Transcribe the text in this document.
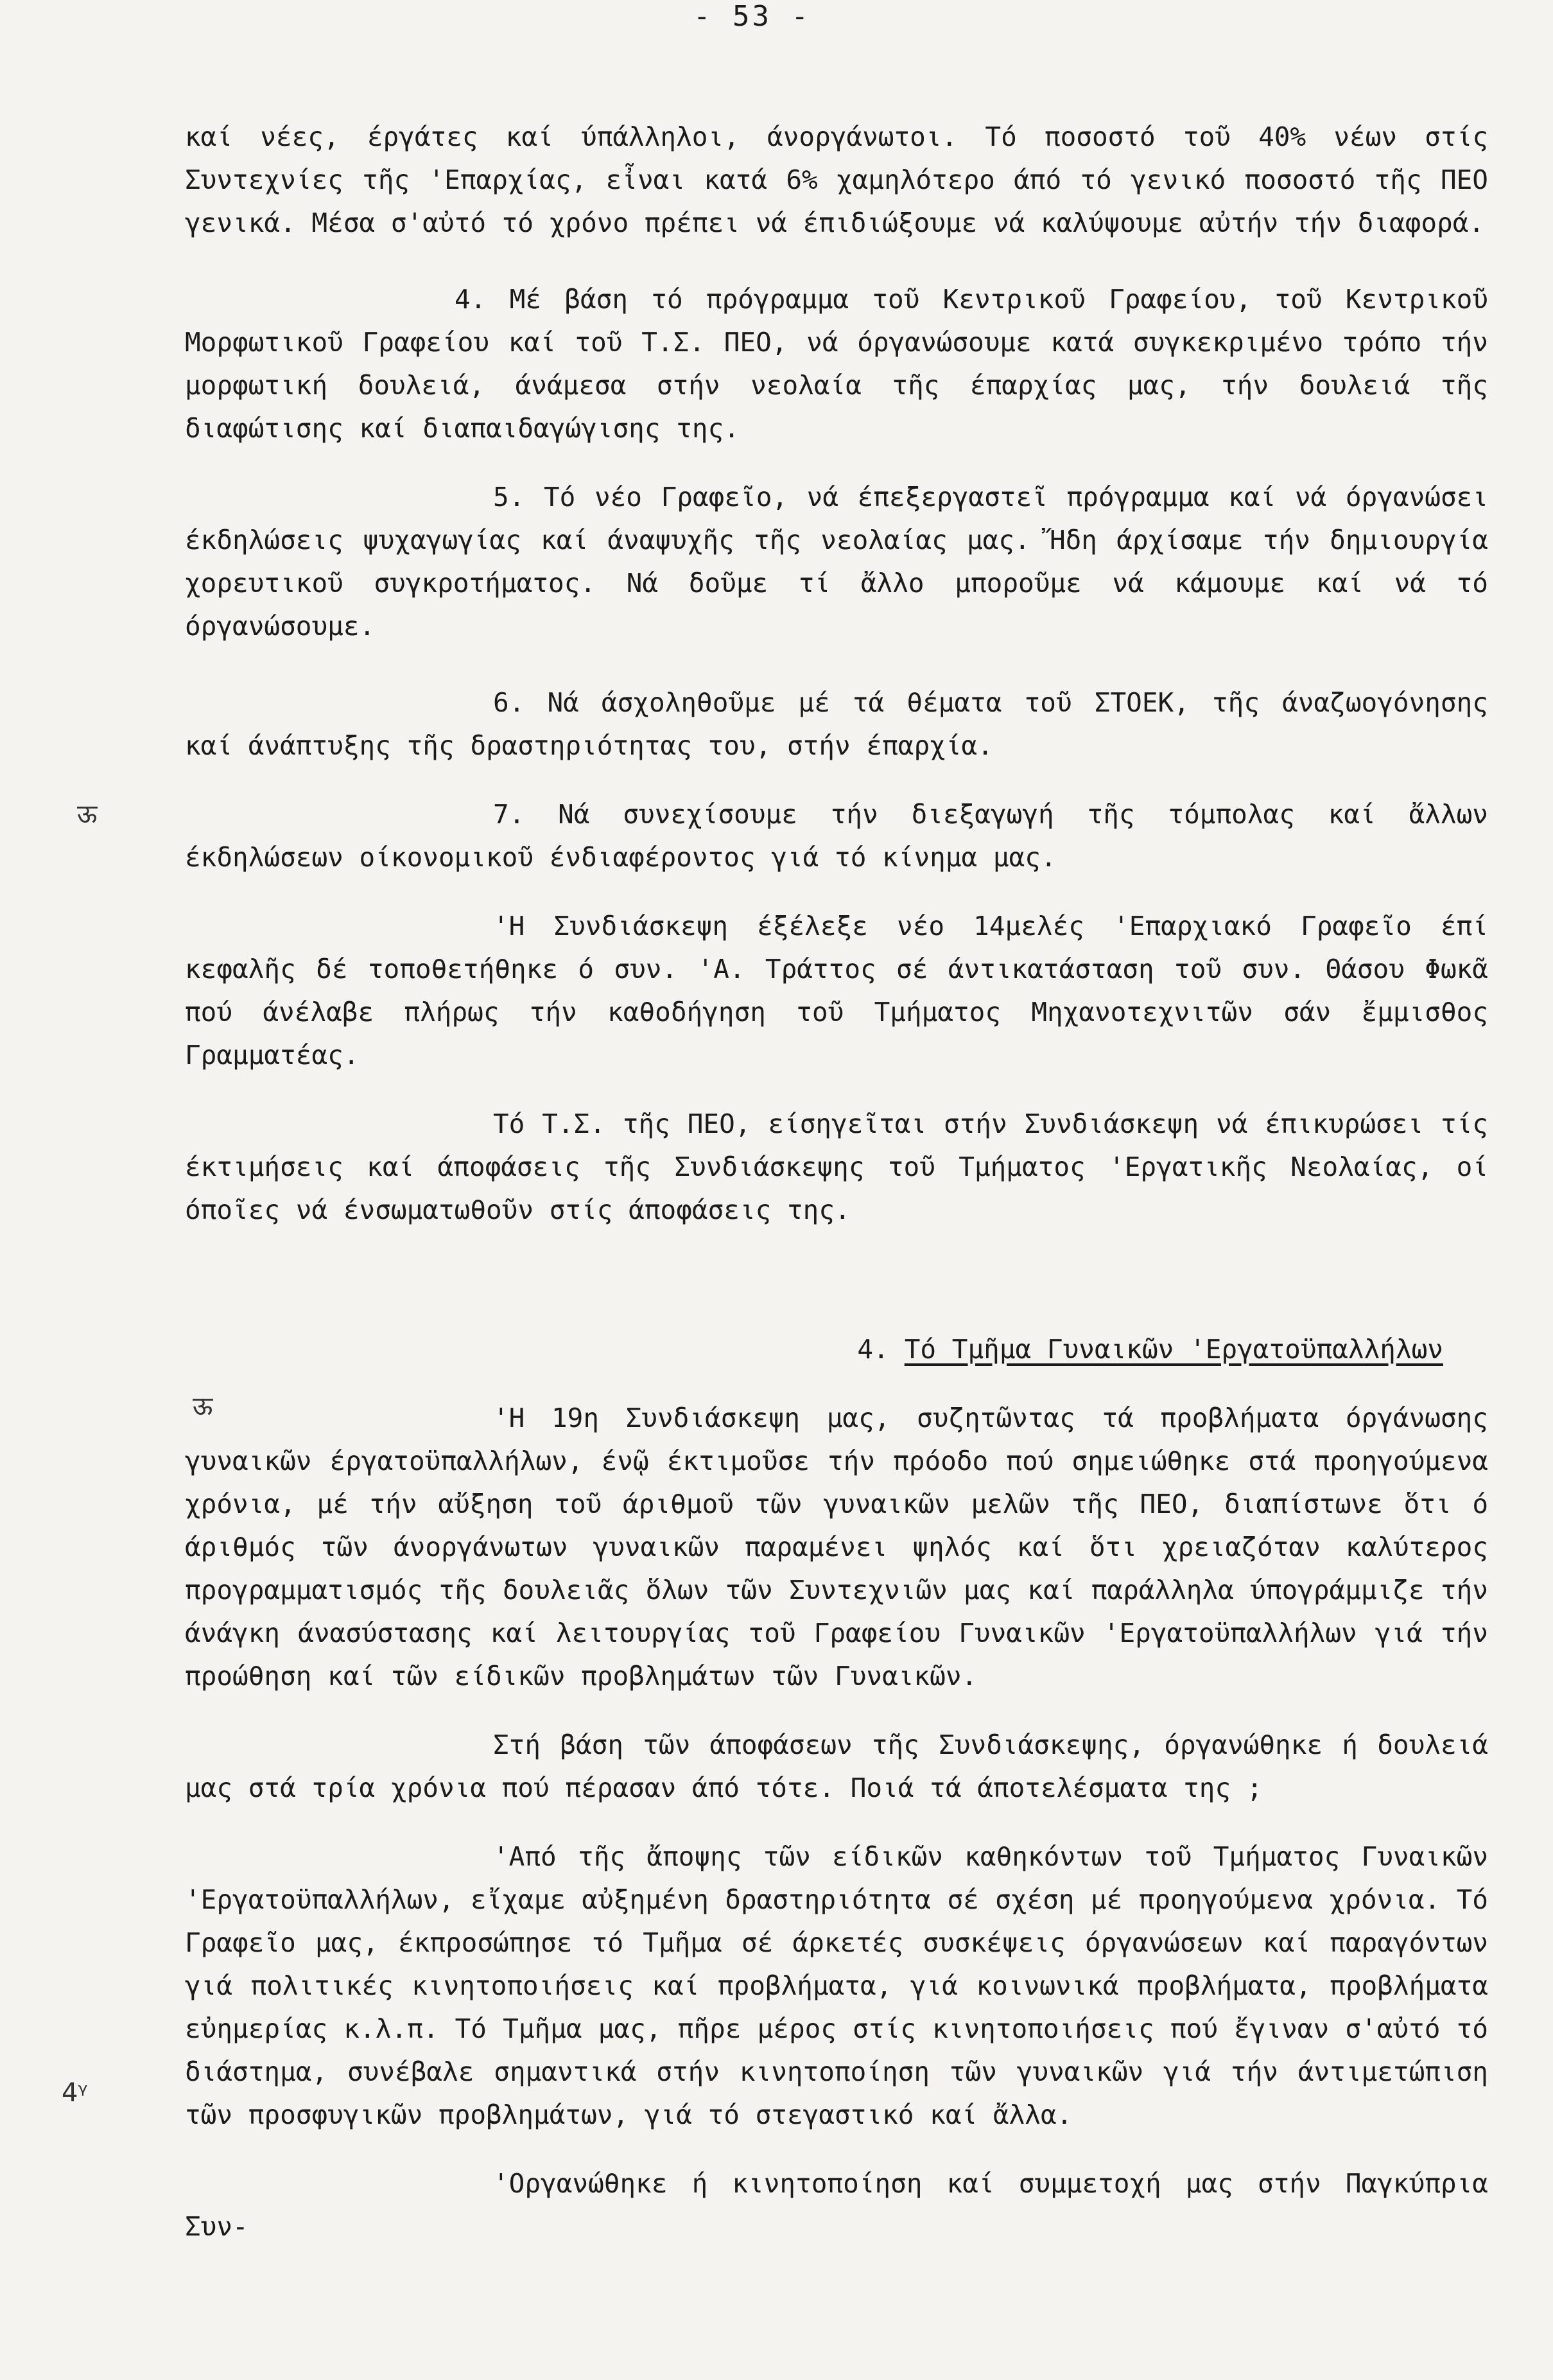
- 53 -
ऊ
ऊ
4ᵞ

καί νέες, έργάτες καί ύπάλληλοι, άνοργάνωτοι. Τό ποσοστό τοῦ 40% νέων στίς Συντεχνίες τῆς 'Επαρχίας, εἶναι κατά 6% χαμηλότερο άπό τό γενικό ποσοστό τῆς ΠΕΟ γενικά. Μέσα σ'αὐτό τό χρόνο πρέπει νά έπιδιώξουμε νά καλύψουμε αὐτήν τήν διαφορά.

4. Μέ βάση τό πρόγραμμα τοῦ Κεντρικοῦ Γραφείου, τοῦ Κεντρικοῦ Μορφωτικοῦ Γραφείου καί τοῦ Τ.Σ. ΠΕΟ, νά όργανώσουμε κατά συγκεκριμένο τρόπο τήν μορφωτική δουλειά, άνάμεσα στήν νεολαία τῆς έπαρχίας μας, τήν δουλειά τῆς διαφώτισης καί διαπαιδαγώγισης της.

5. Τό νέο Γραφεῖο, νά έπεξεργαστεῖ πρόγραμμα καί νά όργανώσει έκδηλώσεις ψυχαγωγίας καί άναψυχῆς τῆς νεολαίας μας. Ἤδη άρχίσαμε τήν δημιουργία χορευτικοῦ συγκροτήματος. Νά δοῦμε τί ἄλλο μποροῦμε νά κάμουμε καί νά τό όργανώσουμε.

6. Νά άσχοληθοῦμε μέ τά θέματα τοῦ ΣΤΟΕΚ, τῆς άναζωογόνησης καί άνάπτυξης τῆς δραστηριότητας του, στήν έπαρχία.

7. Νά συνεχίσουμε τήν διεξαγωγή τῆς τόμπολας καί ἄλλων έκδηλώσεων οίκονομικοῦ ένδιαφέροντος γιά τό κίνημα μας.

'Η Συνδιάσκεψη έξέλεξε νέο 14μελές 'Επαρχιακό Γραφεῖο έπί κεφαλῆς δέ τοποθετήθηκε ό συν. 'Α. Τράττος σέ άντικατάσταση τοῦ συν. Θάσου Φωκᾶ πού άνέλαβε πλήρως τήν καθοδήγηση τοῦ Τμήματος Μηχανοτεχνιτῶν σάν ἔμμισθος Γραμματέας.

Τό Τ.Σ. τῆς ΠΕΟ, είσηγεῖται στήν Συνδιάσκεψη νά έπικυρώσει τίς έκτιμήσεις καί άποφάσεις τῆς Συνδιάσκεψης τοῦ Τμήματος 'Εργατικῆς Νεολαίας, οί όποῖες νά ένσωματωθοῦν στίς άποφάσεις της.

4. Τό Τμῆμα Γυναικῶν 'Εργατοϋπαλλήλων

'Η 19η Συνδιάσκεψη μας, συζητῶντας τά προβλήματα όργάνωσης γυναικῶν έργατοϋπαλλήλων, ένῷ έκτιμοῦσε τήν πρόοδο πού σημειώθηκε στά προηγούμενα χρόνια, μέ τήν αὔξηση τοῦ άριθμοῦ τῶν γυναικῶν μελῶν τῆς ΠΕΟ, διαπίστωνε ὅτι ό άριθμός τῶν άνοργάνωτων γυναικῶν παραμένει ψηλός καί ὅτι χρειαζόταν καλύτερος προγραμματισμός τῆς δουλειᾶς ὅλων τῶν Συντεχνιῶν μας καί παράλληλα ύπογράμμιζε τήν άνάγκη άνασύστασης καί λειτουργίας τοῦ Γραφείου Γυναικῶν 'Εργατοϋπαλλήλων γιά τήν προώθηση καί τῶν είδικῶν προβλημάτων τῶν Γυναικῶν.

Στή βάση τῶν άποφάσεων τῆς Συνδιάσκεψης, όργανώθηκε ή δουλειά μας στά τρία χρόνια πού πέρασαν άπό τότε. Ποιά τά άποτελέσματα της ;

'Από τῆς ἄποψης τῶν είδικῶν καθηκόντων τοῦ Τμήματος Γυναικῶν 'Εργατοϋπαλλήλων, εἴχαμε αὐξημένη δραστηριότητα σέ σχέση μέ προηγούμενα χρόνια. Τό Γραφεῖο μας, έκπροσώπησε τό Τμῆμα σέ άρκετές συσκέψεις όργανώσεων καί παραγόντων γιά πολιτικές κινητοποιήσεις καί προβλήματα, γιά κοινωνικά προβλήματα, προβλήματα εὐημερίας κ.λ.π. Τό Τμῆμα μας, πῆρε μέρος στίς κινητοποιήσεις πού ἔγιναν σ'αὐτό τό διάστημα, συνέβαλε σημαντικά στήν κινητοποίηση τῶν γυναικῶν γιά τήν άντιμετώπιση τῶν προσφυγικῶν προβλημάτων, γιά τό στεγαστικό καί ἄλλα.

'Οργανώθηκε ή κινητοποίηση καί συμμετοχή μας στήν Παγκύπρια Συν-
